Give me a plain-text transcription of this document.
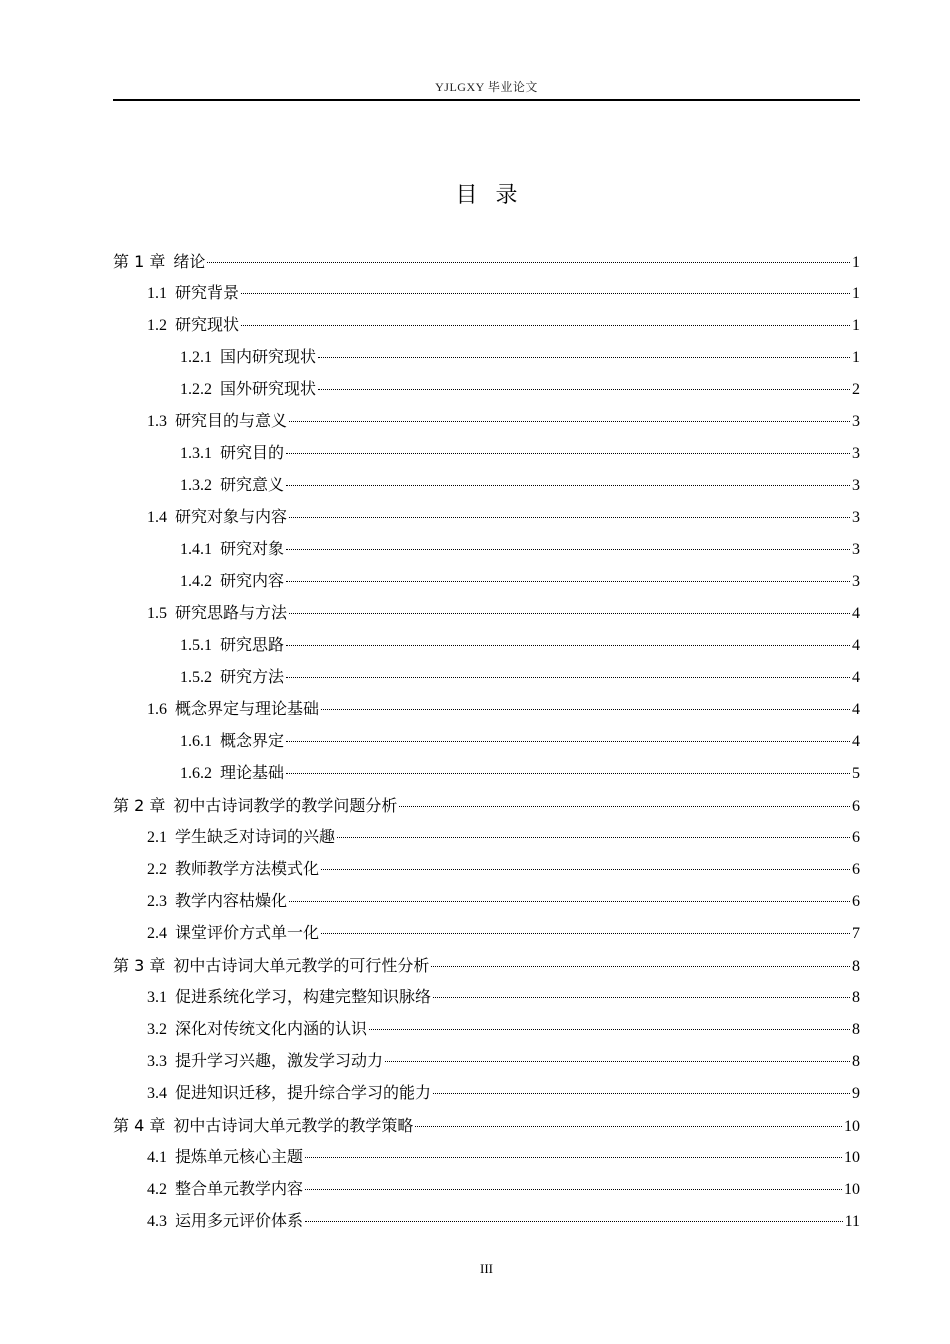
YJLGXY 毕业论文
目录
第 1 章 绪论	1
1.1 研究背景	1
1.2 研究现状	1
1.2.1 国内研究现状	1
1.2.2 国外研究现状	2
1.3 研究目的与意义	3
1.3.1 研究目的	3
1.3.2 研究意义	3
1.4 研究对象与内容	3
1.4.1 研究对象	3
1.4.2 研究内容	3
1.5 研究思路与方法	4
1.5.1 研究思路	4
1.5.2 研究方法	4
1.6 概念界定与理论基础	4
1.6.1 概念界定	4
1.6.2 理论基础	5
第 2 章 初中古诗词教学的教学问题分析	6
2.1 学生缺乏对诗词的兴趣	6
2.2 教师教学方法模式化	6
2.3 教学内容枯燥化	6
2.4 课堂评价方式单一化	7
第 3 章 初中古诗词大单元教学的可行性分析	8
3.1 促进系统化学习，构建完整知识脉络	8
3.2 深化对传统文化内涵的认识	8
3.3 提升学习兴趣，激发学习动力	8
3.4 促进知识迁移，提升综合学习的能力	9
第 4 章 初中古诗词大单元教学的教学策略	10
4.1 提炼单元核心主题	10
4.2 整合单元教学内容	10
4.3 运用多元评价体系	11
III
